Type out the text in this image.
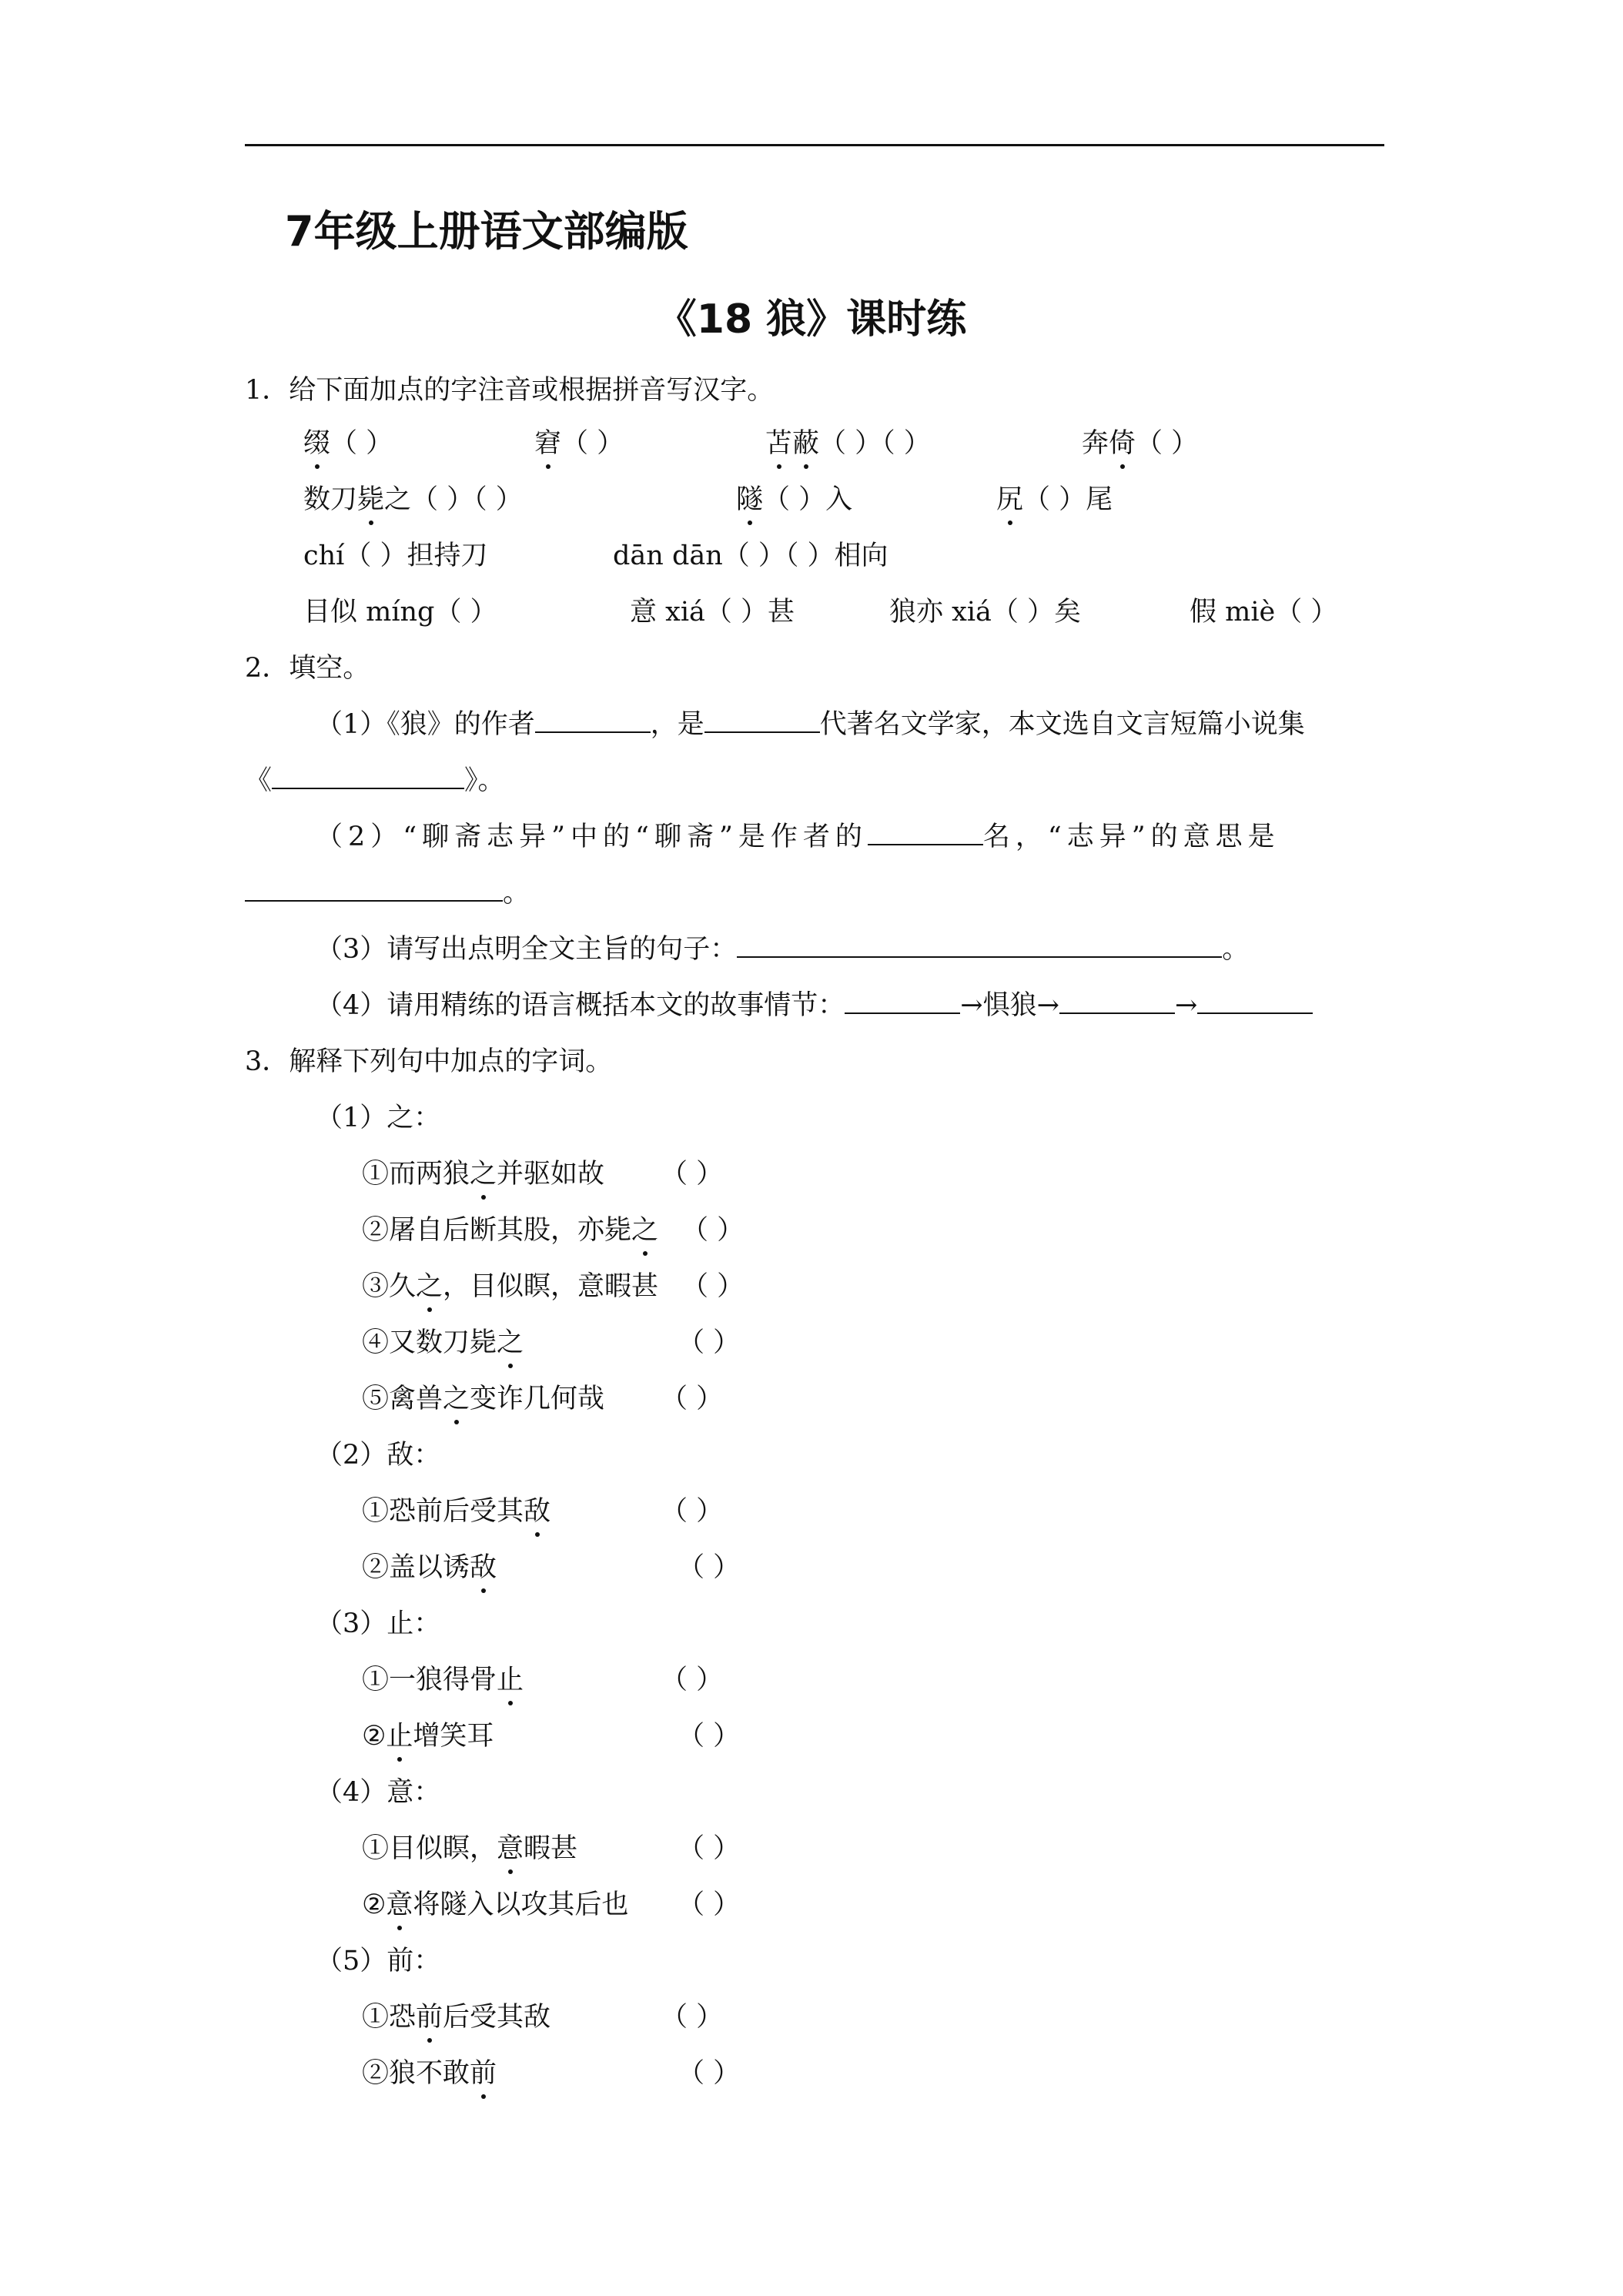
7年级上册语文部编版
《18 狼》课时练
1．给下面加点的字注音或根据拼音写汉字。
缀（ ）	窘（ ）	苫蔽（ ）（ ）	奔倚（ ）
数刀毙之（ ）（ ）	隧（ ）入	尻（ ）尾
chí（ ）担持刀	dān dān（ ）（ ）相向
目似 míng（ ）	意 xiá（ ）甚	狼亦 xiá（ ）矣	假 miè（ ）
2．填空。
（1）《狼》的作者	，是	代著名文学家，本文选自文言短篇小说集
《	》。
（2）“聊斋志异”中的“聊斋”是作者的	名，“志异”的意思是
。
（3）请写出点明全文主旨的句子：	。
（4）请用精练的语言概括本文的故事情节：	→惧狼→	→
3．解释下列句中加点的字词。
（1）之：
①而两狼之并驱如故 （ ）
②屠自后断其股，亦毙之 （ ）
③久之，目似瞑，意暇甚 （ ）
④又数刀毙之	（ ）
⑤禽兽之变诈几何哉 （ ）
（2）敌：
①恐前后受其敌	（ ）
②盖以诱敌	（ ）
（3）止：
①一狼得骨止	（ ）
②止增笑耳	（ ）
（4）意：
①目似瞑，意暇甚	（ ）
②意将隧入以攻其后也 （ ）
（5）前：
①恐前后受其敌	（ ）
②狼不敢前	（ ）
